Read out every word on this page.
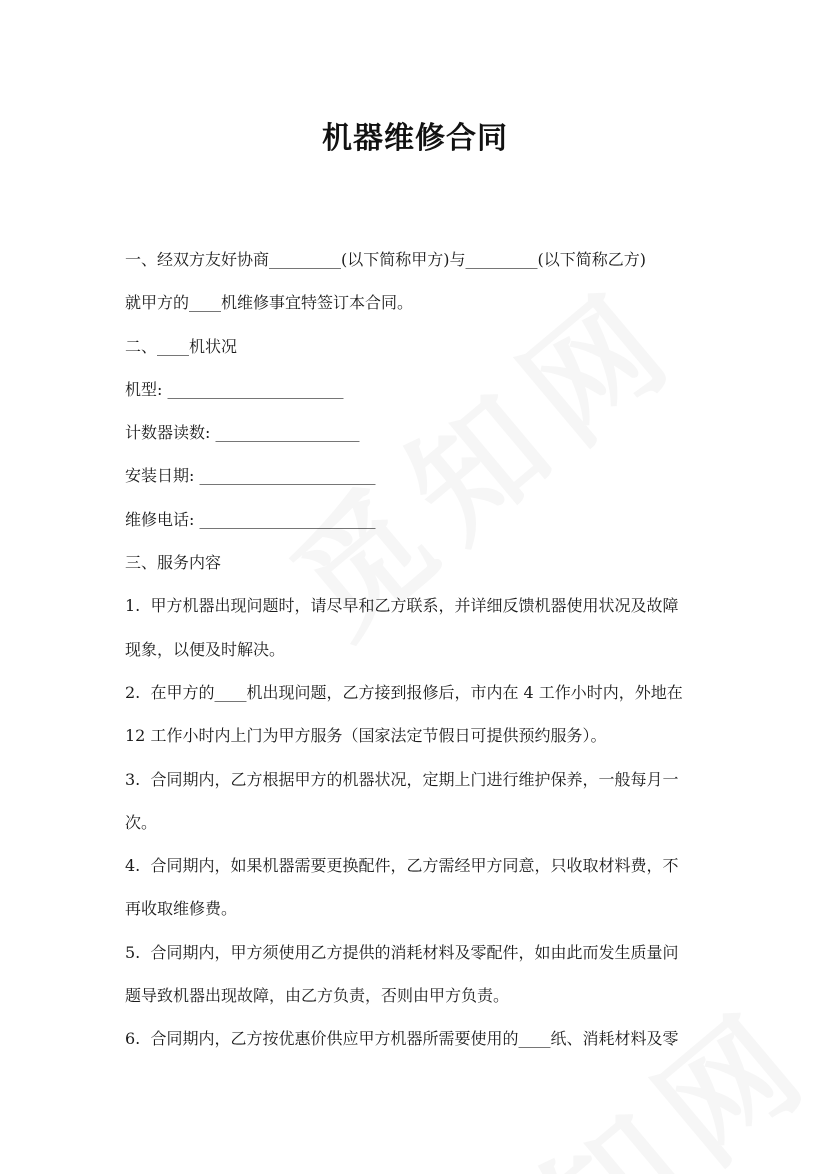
机器维修合同

一、经双方友好协商_________(以下简称甲方)与_________(以下简称乙方)

就甲方的____机维修事宜特签订本合同。

二、____机状况

机型: ______________________

计数器读数: __________________

安装日期: ______________________

维修电话: ______________________

三、服务内容

1.  甲方机器出现问题时，请尽早和乙方联系，并详细反馈机器使用状况及故障

现象，以便及时解决。

2.  在甲方的____机出现问题，乙方接到报修后，市内在 4 工作小时内，外地在

12 工作小时内上门为甲方服务（国家法定节假日可提供预约服务）。

3.  合同期内，乙方根据甲方的机器状况，定期上门进行维护保养，一般每月一

次。

4.  合同期内，如果机器需要更换配件，乙方需经甲方同意，只收取材料费，不

再收取维修费。

5.  合同期内，甲方须使用乙方提供的消耗材料及零配件，如由此而发生质量问

题导致机器出现故障，由乙方负责，否则由甲方负责。

6.  合同期内，乙方按优惠价供应甲方机器所需要使用的____纸、消耗材料及零
